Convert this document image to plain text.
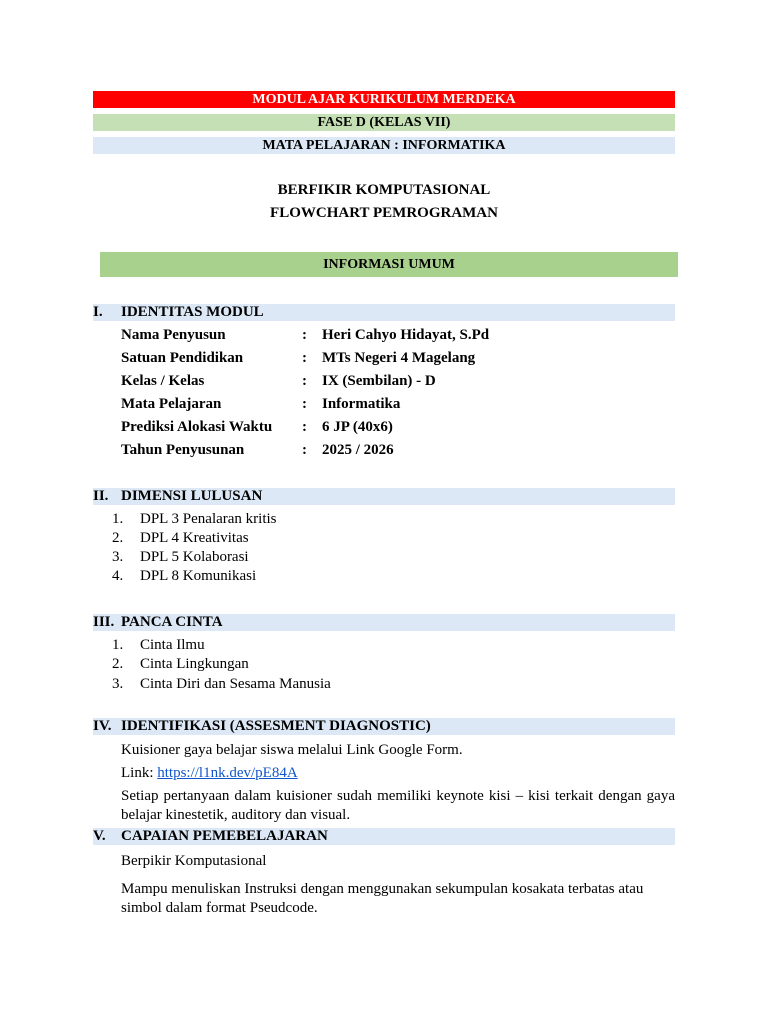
MODUL AJAR KURIKULUM MERDEKA
FASE D (KELAS VII)
MATA PELAJARAN : INFORMATIKA
BERFIKIR KOMPUTASIONAL
FLOWCHART PEMROGRAMAN
INFORMASI UMUM
I. IDENTITAS MODUL
Nama Penyusun	: Heri Cahyo Hidayat, S.Pd
Satuan Pendidikan	: MTs Negeri 4 Magelang
Kelas / Kelas	: IX (Sembilan) - D
Mata Pelajaran	: Informatika
Prediksi Alokasi Waktu : 6 JP (40x6)
Tahun Penyusunan	: 2025 / 2026
II. DIMENSI LULUSAN
1. DPL 3 Penalaran kritis
2. DPL 4 Kreativitas
3. DPL 5 Kolaborasi
4. DPL 8 Komunikasi
III. PANCA CINTA
1. Cinta Ilmu
2. Cinta Lingkungan
3. Cinta Diri dan Sesama Manusia
IV. IDENTIFIKASI (ASSESMENT DIAGNOSTIC)
Kuisioner gaya belajar siswa melalui Link Google Form.
Link: https://l1nk.dev/pE84A
Setiap pertanyaan dalam kuisioner sudah memiliki keynote kisi – kisi terkait dengan gaya belajar kinestetik, auditory dan visual.
V. CAPAIAN PEMEBELAJARAN
Berpikir Komputasional
Mampu menuliskan Instruksi dengan menggunakan sekumpulan kosakata terbatas atau simbol dalam format Pseudcode.
